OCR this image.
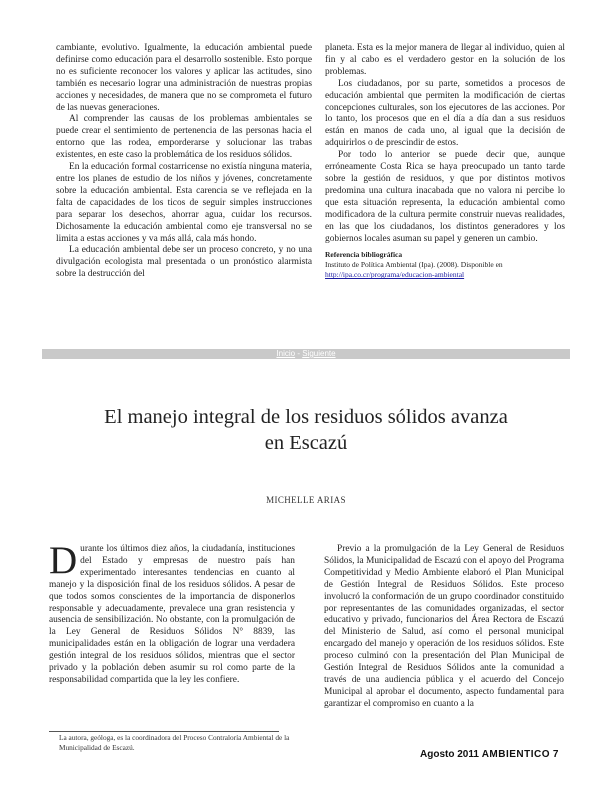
cambiante, evolutivo. Igualmente, la educación ambiental puede definirse como educación para el desarrollo sostenible. Esto porque no es suficiente reconocer los valores y aplicar las actitudes, sino también es necesario lograr una administración de nuestras propias acciones y necesidades, de manera que no se comprometa el futuro de las nuevas generaciones.

Al comprender las causas de los problemas ambientales se puede crear el sentimiento de pertenencia de las personas hacia el entorno que las rodea, emporderarse y solucionar las trabas existentes, en este caso la problemática de los residuos sólidos.

En la educación formal costarricense no existía ninguna materia, entre los planes de estudio de los niños y jóvenes, concretamente sobre la educación ambiental. Esta carencia se ve reflejada en la falta de capacidades de los ticos de seguir simples instrucciones para separar los desechos, ahorrar agua, cuidar los recursos. Dichosamente la educación ambiental como eje transversal no se limita a estas acciones y va más allá, cala más hondo.

La educación ambiental debe ser un proceso concreto, y no una divulgación ecologista mal presentada o un pronóstico alarmista sobre la destrucción del

planeta. Esta es la mejor manera de llegar al individuo, quien al fin y al cabo es el verdadero gestor en la solución de los problemas.

Los ciudadanos, por su parte, sometidos a procesos de educación ambiental que permiten la modificación de ciertas concepciones culturales, son los ejecutores de las acciones. Por lo tanto, los procesos que en el día a día dan a sus residuos están en manos de cada uno, al igual que la decisión de adquirirlos o de prescindir de estos.

Por todo lo anterior se puede decir que, aunque erróneamente Costa Rica se haya preocupado un tanto tarde sobre la gestión de residuos, y que por distintos motivos predomina una cultura inacabada que no valora ni percibe lo que esta situación representa, la educación ambiental como modificadora de la cultura permite construir nuevas realidades, en las que los ciudadanos, los distintos generadores y los gobiernos locales asuman su papel y generen un cambio.

Referencia bibliográfica
Instituto de Política Ambiental (Ipa). (2008). Disponible en
http://ipa.co.cr/programa/educacion-ambiental
Inicio - Siguiente
El manejo integral de los residuos sólidos avanza
en Escazú
MICHELLE ARIAS

Durante los últimos diez años, la ciudadanía, instituciones del Estado y empresas de nuestro país han experimentado interesantes tendencias en cuanto al manejo y la disposición final de los residuos sólidos. A pesar de que todos somos conscientes de la importancia de disponerlos responsable y adecuadamente, prevalece una gran resistencia y ausencia de sensibilización. No obstante, con la promulgación de la Ley General de Residuos Sólidos N° 8839, las municipalidades están en la obligación de lograr una verdadera gestión integral de los residuos sólidos, mientras que el sector privado y la población deben asumir su rol como parte de la responsabilidad compartida que la ley les confiere.

Previo a la promulgación de la Ley General de Residuos Sólidos, la Municipalidad de Escazú con el apoyo del Programa Competitividad y Medio Ambiente elaboró el Plan Municipal de Gestión Integral de Residuos Sólidos. Este proceso involucró la conformación de un grupo coordinador constituido por representantes de las comunidades organizadas, el sector educativo y privado, funcionarios del Área Rectora de Escazú del Ministerio de Salud, así como el personal municipal encargado del manejo y operación de los residuos sólidos. Este proceso culminó con la presentación del Plan Municipal de Gestión Integral de Residuos Sólidos ante la comunidad a través de una audiencia pública y el acuerdo del Concejo Municipal al aprobar el documento, aspecto fundamental para garantizar el compromiso en cuanto a la

La autora, geóloga, es la coordinadora del Proceso Contraloría Ambiental de la Municipalidad de Escazú.
Agosto 2011 AMBIENTICO 7
